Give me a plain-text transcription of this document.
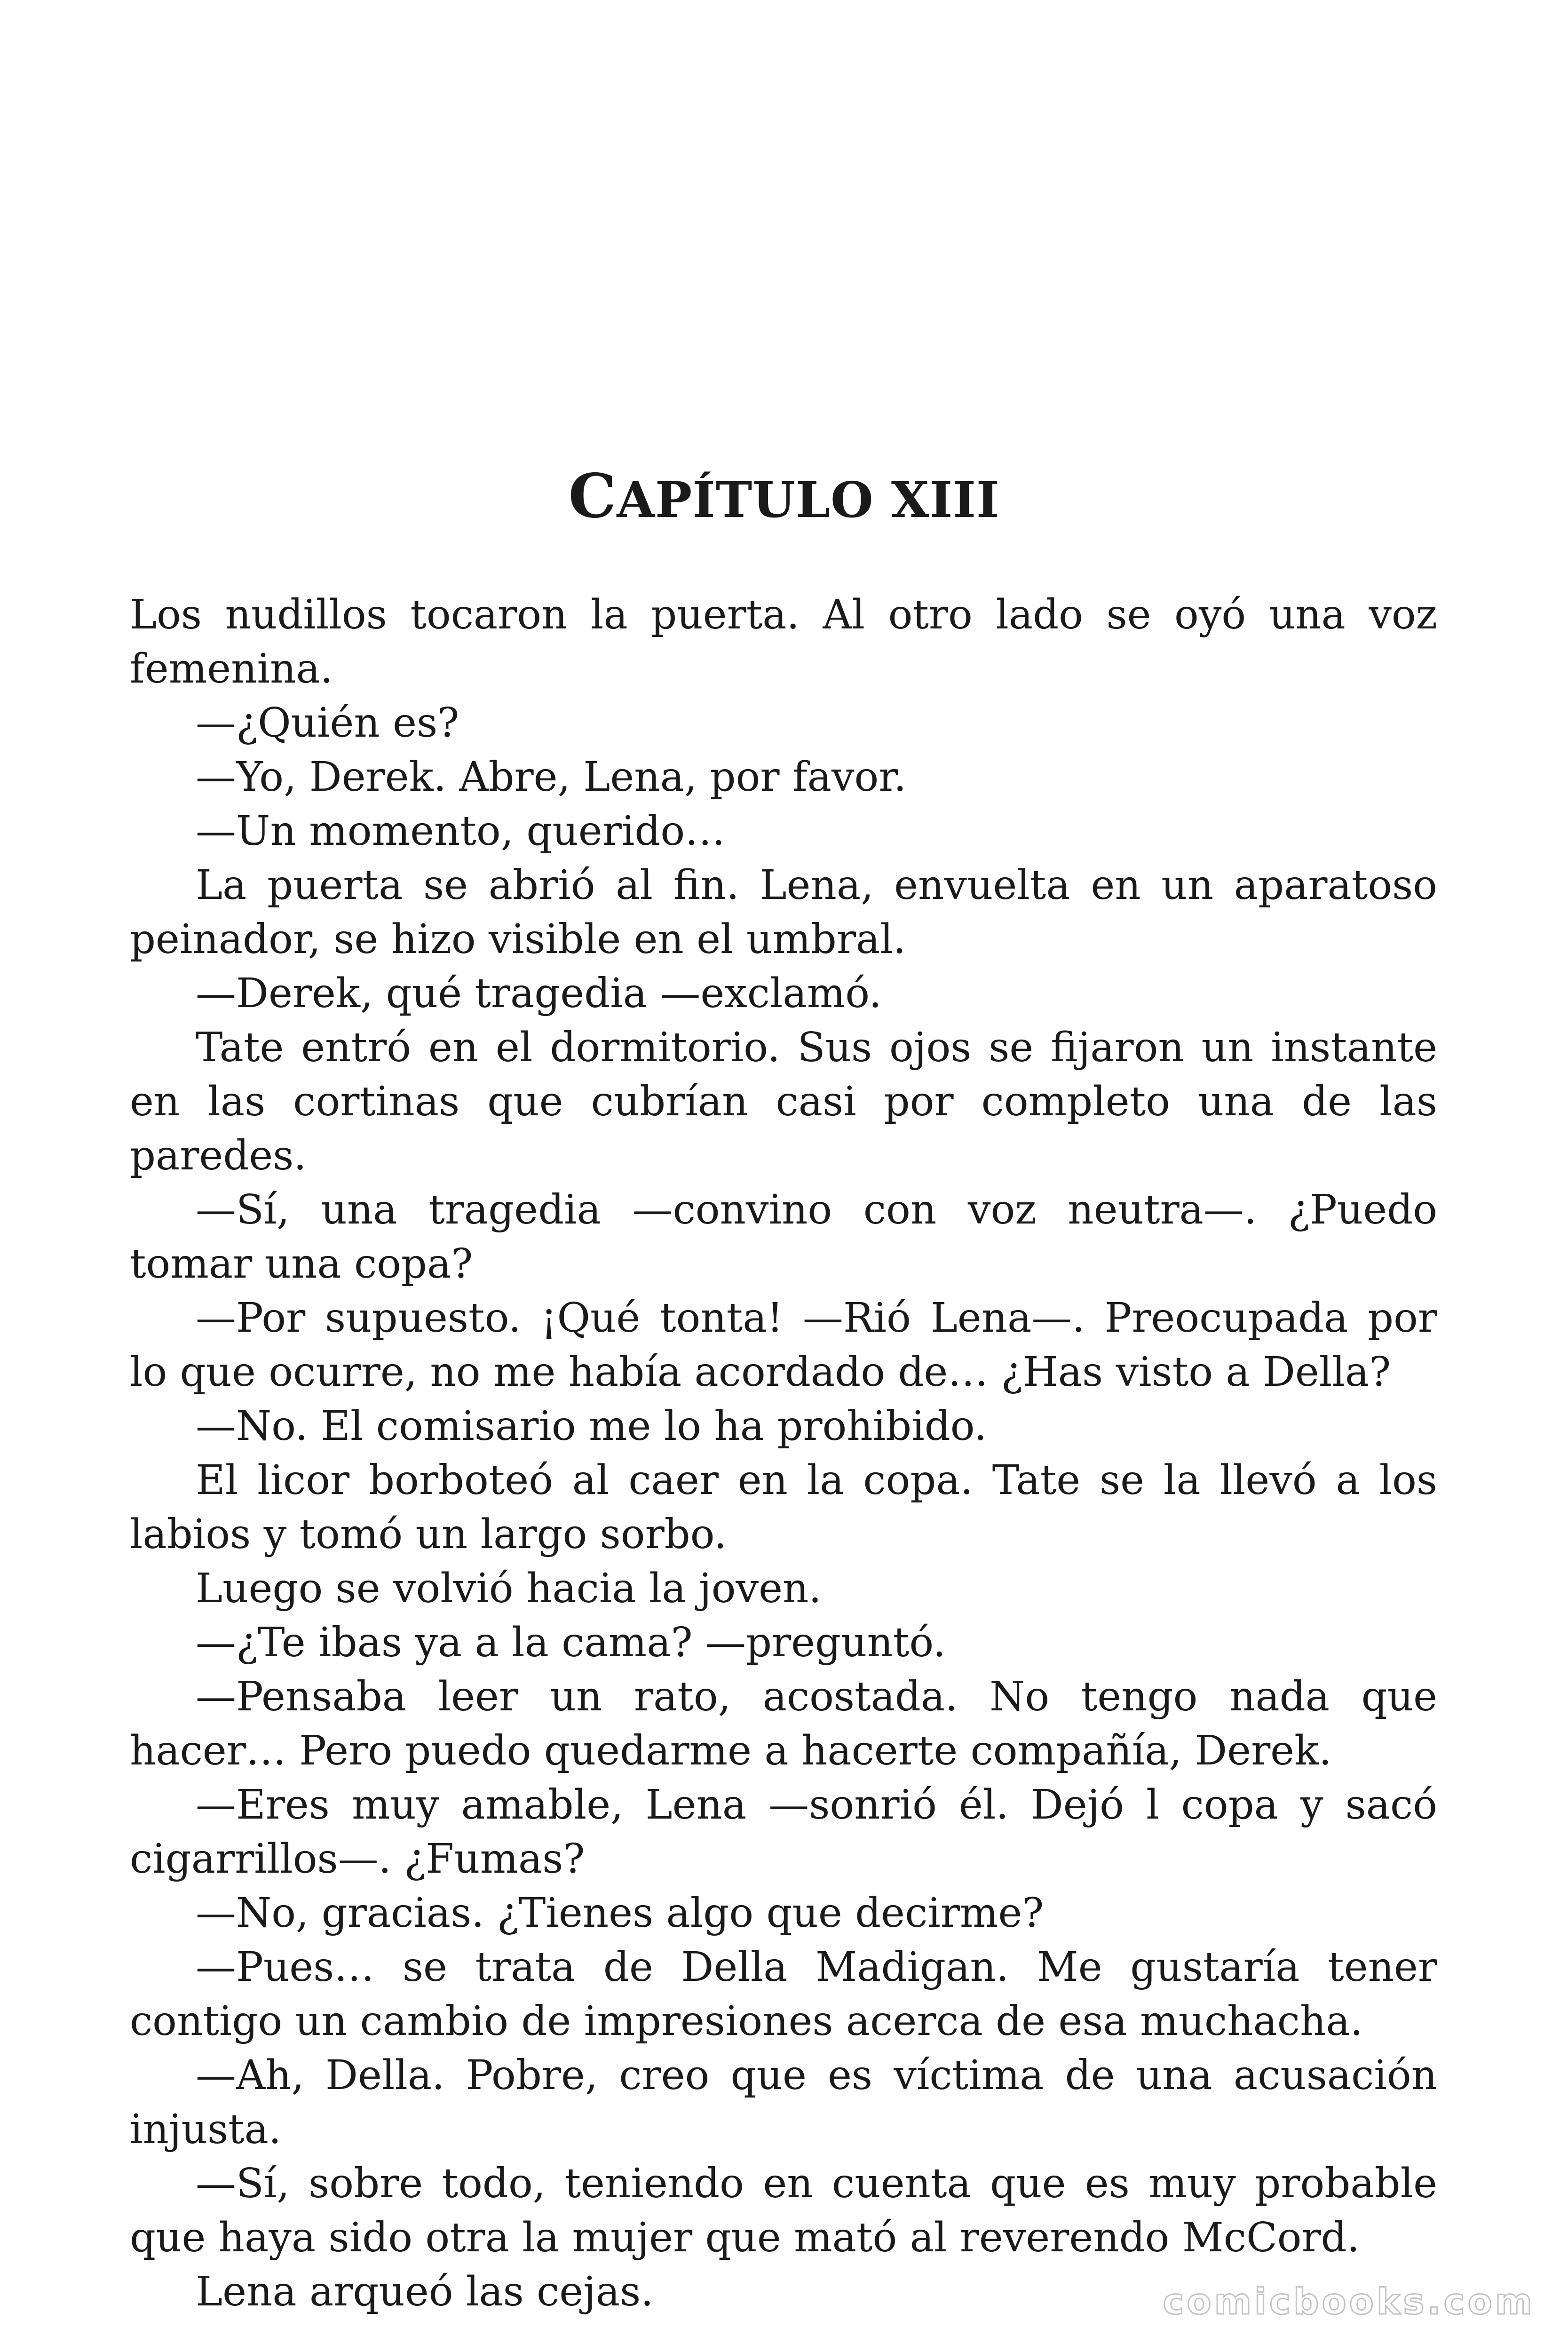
CAPÍTULO XIII

Los nudillos tocaron la puerta. Al otro lado se oyó una voz femenina.

—¿Quién es?

—Yo, Derek. Abre, Lena, por favor.

—Un momento, querido…

La puerta se abrió al fin. Lena, envuelta en un aparatoso peinador, se hizo visible en el umbral.

—Derek, qué tragedia —exclamó.

Tate entró en el dormitorio. Sus ojos se fijaron un instante en las cortinas que cubrían casi por completo una de las paredes.

—Sí, una tragedia —convino con voz neutra—. ¿Puedo tomar una copa?

—Por supuesto. ¡Qué tonta! —Rió Lena—. Preocupada por lo que ocurre, no me había acordado de… ¿Has visto a Della?

—No. El comisario me lo ha prohibido.

El licor borboteó al caer en la copa. Tate se la llevó a los labios y tomó un largo sorbo.

Luego se volvió hacia la joven.

—¿Te ibas ya a la cama? —preguntó.

—Pensaba leer un rato, acostada. No tengo nada que hacer… Pero puedo quedarme a hacerte compañía, Derek.

—Eres muy amable, Lena —sonrió él. Dejó l copa y sacó cigarrillos—. ¿Fumas?

—No, gracias. ¿Tienes algo que decirme?

—Pues… se trata de Della Madigan. Me gustaría tener contigo un cambio de impresiones acerca de esa muchacha.

—Ah, Della. Pobre, creo que es víctima de una acusación injusta.

—Sí, sobre todo, teniendo en cuenta que es muy probable que haya sido otra la mujer que mató al reverendo McCord.

Lena arqueó las cejas.	comicbooks.com
